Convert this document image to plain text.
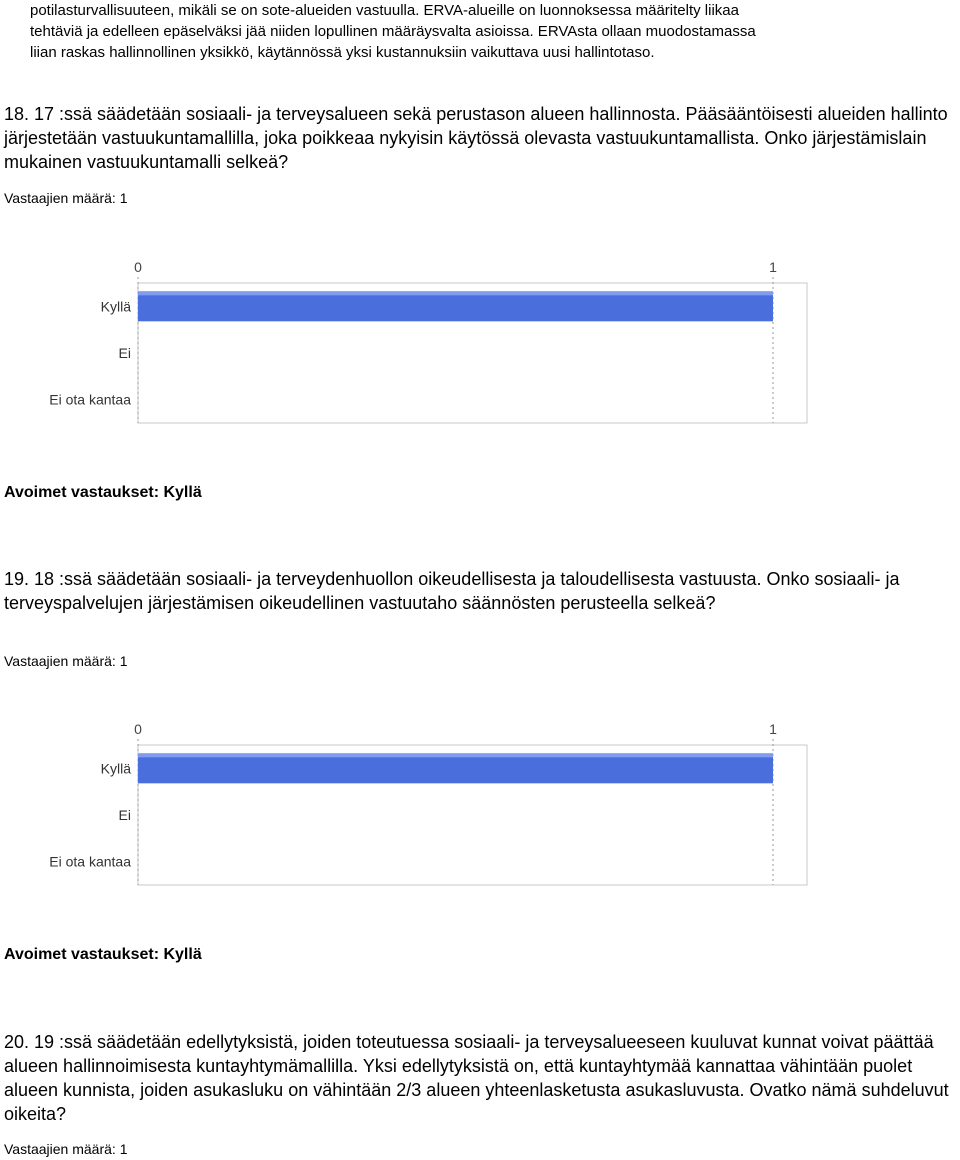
potilasturvallisuuteen, mikäli se on sote-alueiden vastuulla. ERVA-alueille on luonnoksessa määritelty liikaa
tehtäviä ja edelleen epäselväksi jää niiden lopullinen määräysvalta asioissa. ERVAsta ollaan muodostamassa
liian raskas hallinnollinen yksikkö, käytännössä yksi kustannuksiin vaikuttava uusi hallintotaso.
18. 17 :ssä säädetään sosiaali- ja terveysalueen sekä perustason alueen hallinnosta. Pääsääntöisesti alueiden hallinto järjestetään vastuukuntamallilla, joka poikkeaa nykyisin käytössä olevasta vastuukuntamallista. Onko järjestämislain mukainen vastuukuntamalli selkeä?
Vastaajien määrä: 1
0	1
Kyllä
Ei
Ei ota kantaa
Avoimet vastaukset: Kyllä
19. 18 :ssä säädetään sosiaali- ja terveydenhuollon oikeudellisesta ja taloudellisesta vastuusta. Onko sosiaali- ja terveyspalvelujen järjestämisen oikeudellinen vastuutaho säännösten perusteella selkeä?
Vastaajien määrä: 1
0	1
Kyllä
Ei
Ei ota kantaa
Avoimet vastaukset: Kyllä
20. 19 :ssä säädetään edellytyksistä, joiden toteutuessa sosiaali- ja terveysalueeseen kuuluvat kunnat voivat päättää alueen hallinnoimisesta kuntayhtymämallilla. Yksi edellytyksistä on, että kuntayhtymää kannattaa vähintään puolet alueen kunnista, joiden asukasluku on vähintään 2/3 alueen yhteenlasketusta asukasluvusta. Ovatko nämä suhdeluvut oikeita?
Vastaajien määrä: 1
